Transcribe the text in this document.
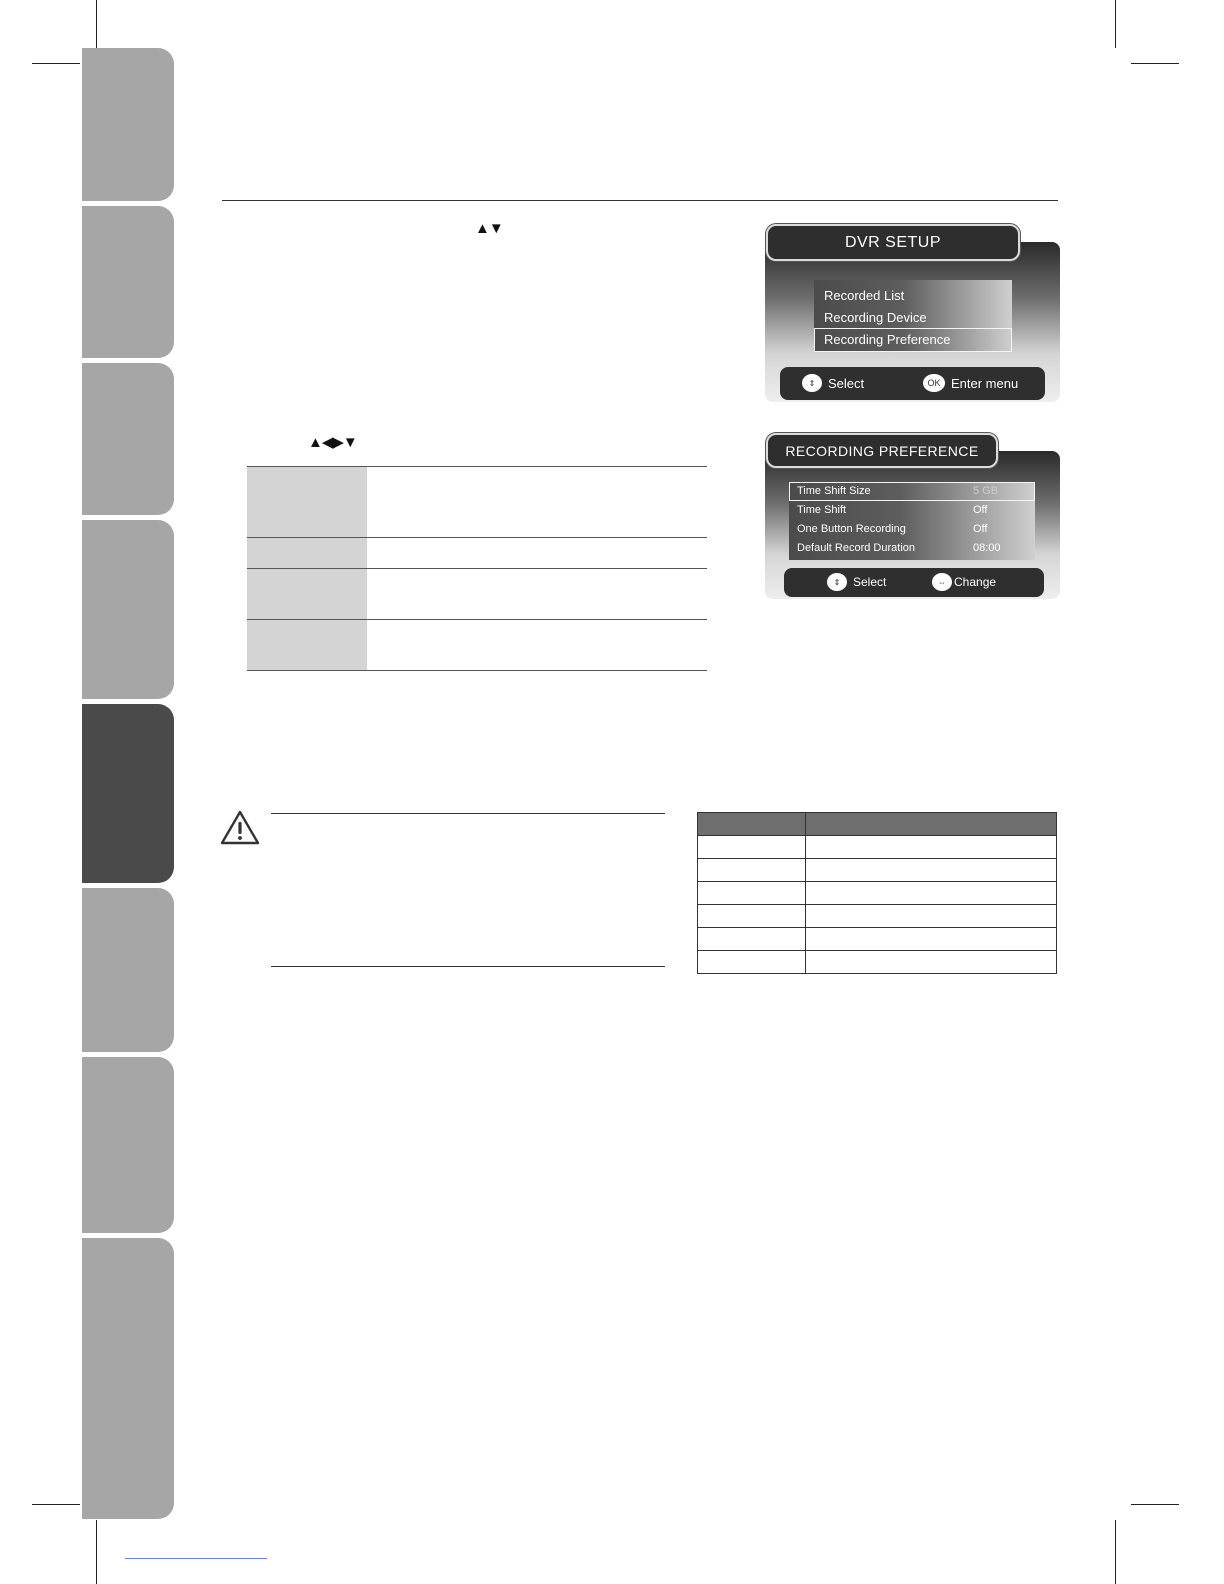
▲▼
▲◀▶▼

DVR SETUP
Recorded List
Recording Device
Recording Preference
⇕ Select	OK Enter menu
RECORDING PREFERENCE
Time Shift Size	5 GB
Time Shift	Off
One Button Recording	Off
Default Record Duration	08:00
⇕	Select	⇔ Change
